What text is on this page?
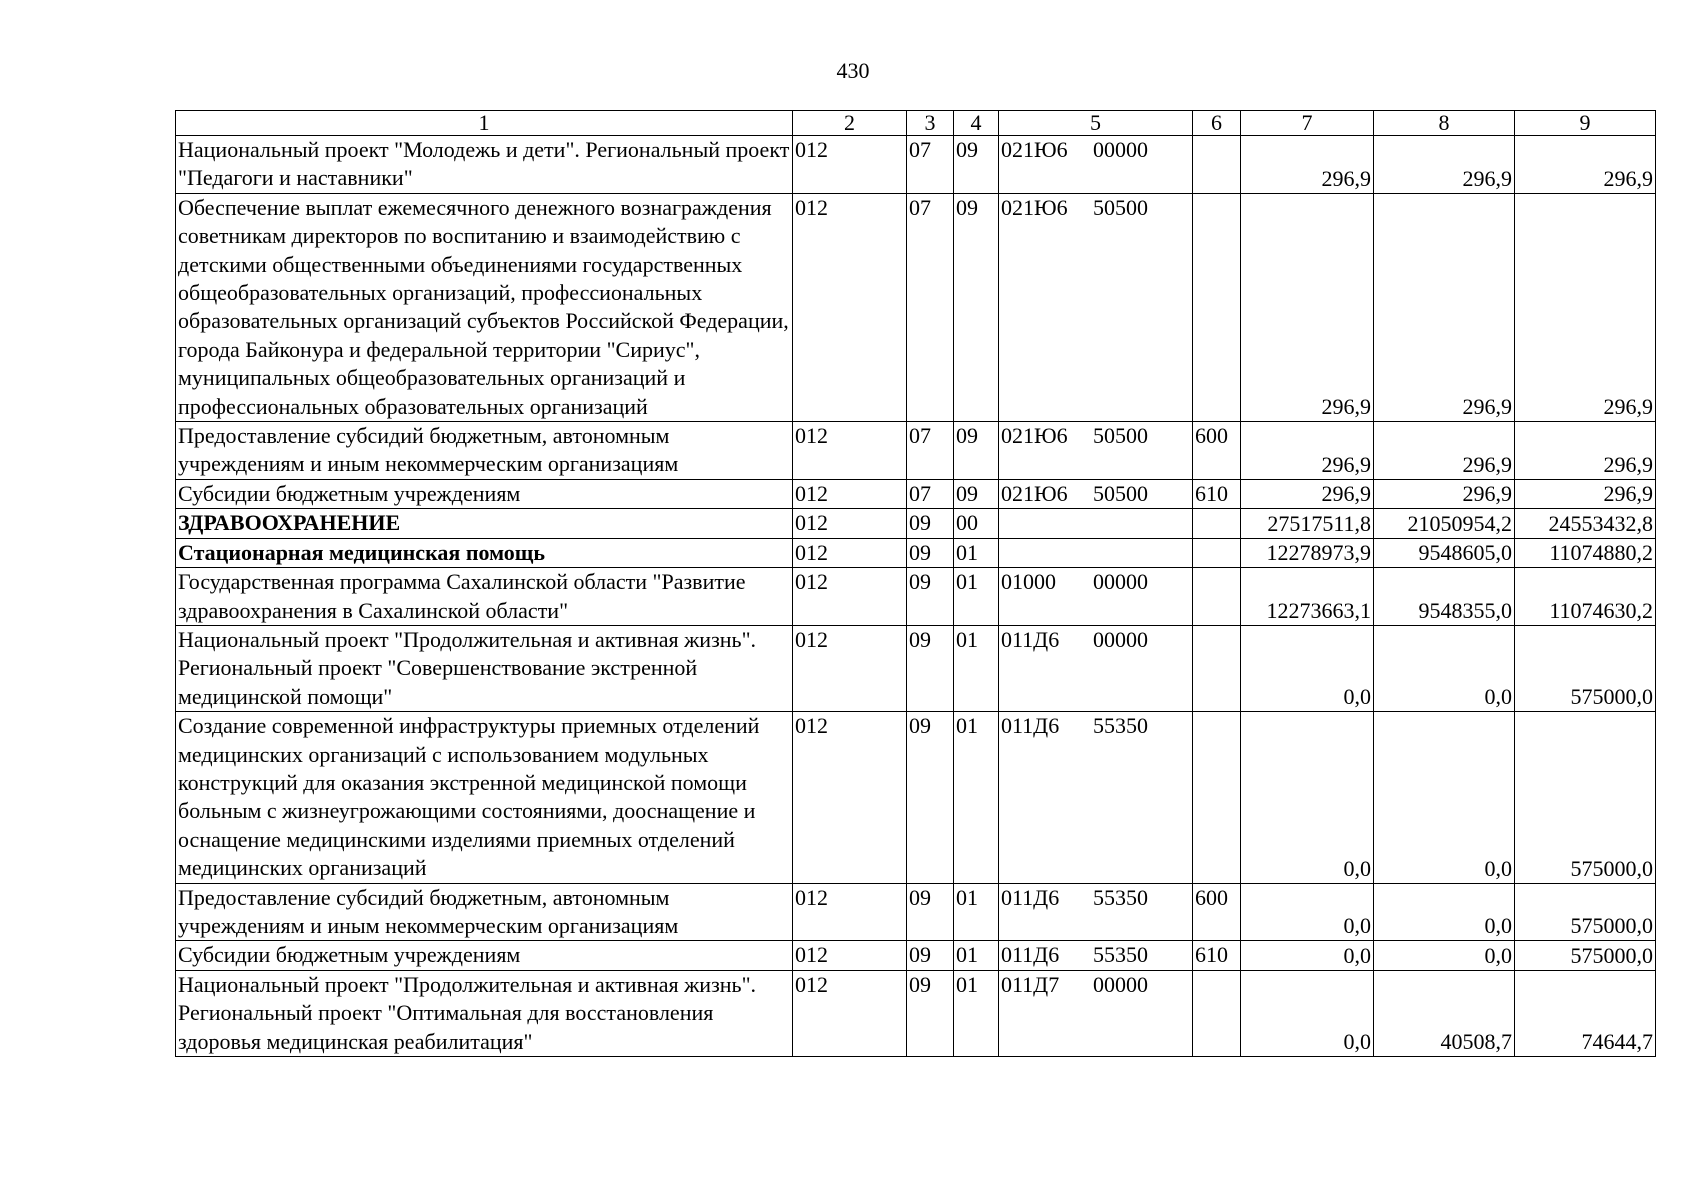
430
1	2	3	4	5	6	7	8	9
Национальный проект "Молодежь и дети". Региональный проект "Педагоги и наставники"	012	07	09	021Ю6 00000		296,9	296,9	296,9
Обеспечение выплат ежемесячного денежного вознаграждения советникам директоров по воспитанию и взаимодействию с детскими общественными объединениями государственных общеобразовательных организаций, профессиональных образовательных организаций субъектов Российской Федерации, города Байконура и федеральной территории "Сириус", муниципальных общеобразовательных организаций и профессиональных образовательных организаций	012	07	09	021Ю6 50500		296,9	296,9	296,9
Предоставление субсидий бюджетным, автономным учреждениям и иным некоммерческим организациям	012	07	09	021Ю6 50500	600	296,9	296,9	296,9
Субсидии бюджетным учреждениям	012	07	09	021Ю6 50500	610	296,9	296,9	296,9
ЗДРАВООХРАНЕНИЕ	012	09	00			27517511,8	21050954,2	24553432,8
Стационарная медицинская помощь	012	09	01			12278973,9	9548605,0	11074880,2
Государственная программа Сахалинской области "Развитие здравоохранения в Сахалинской области"	012	09	01	01000 00000		12273663,1	9548355,0	11074630,2
Национальный проект "Продолжительная и активная жизнь". Региональный проект "Совершенствование экстренной медицинской помощи"	012	09	01	011Д6 00000		0,0	0,0	575000,0
Создание современной инфраструктуры приемных отделений медицинских организаций с использованием модульных конструкций для оказания экстренной медицинской помощи больным с жизнеугрожающими состояниями, дооснащение и оснащение медицинскими изделиями приемных отделений медицинских организаций	012	09	01	011Д6 55350		0,0	0,0	575000,0
Предоставление субсидий бюджетным, автономным учреждениям и иным некоммерческим организациям	012	09	01	011Д6 55350	600	0,0	0,0	575000,0
Субсидии бюджетным учреждениям	012	09	01	011Д6 55350	610	0,0	0,0	575000,0
Национальный проект "Продолжительная и активная жизнь". Региональный проект "Оптимальная для восстановления здоровья медицинская реабилитация"	012	09	01	011Д7 00000		0,0	40508,7	74644,7
